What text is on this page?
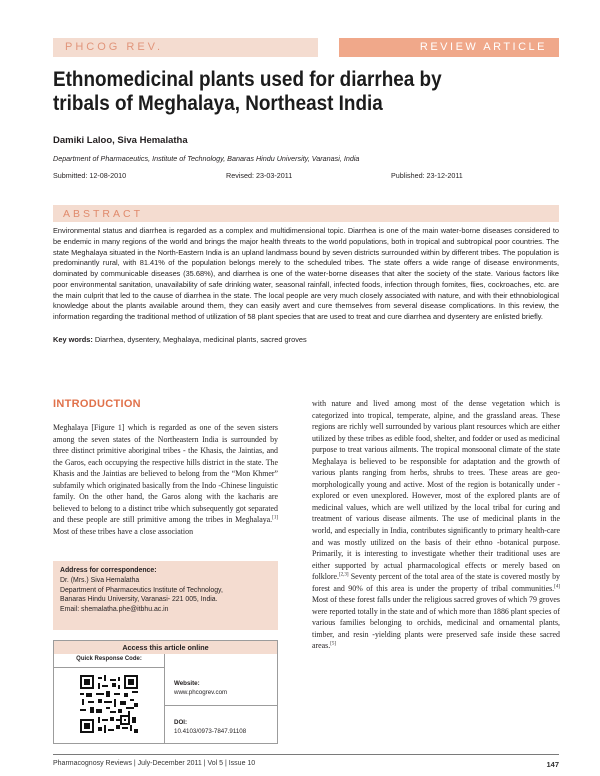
PHCOG REV.	REVIEW ARTICLE
Ethnomedicinal plants used for diarrhea by tribals of Meghalaya, Northeast India
Damiki Laloo, Siva Hemalatha
Department of Pharmaceutics, Institute of Technology, Banaras Hindu University, Varanasi, India
Submitted: 12-08-2010	Revised: 23-03-2011	Published: 23-12-2011
ABSTRACT
Environmental status and diarrhea is regarded as a complex and multidimensional topic. Diarrhea is one of the main water-borne diseases considered to be endemic in many regions of the world and brings the major health threats to the world populations, both in tropical and subtropical poor countries. The state Meghalaya situated in the North-Eastern India is an upland landmass bound by seven districts surrounded within by different tribes. The population is predominantly rural, with 81.41% of the population belongs merely to the scheduled tribes. The state offers a wide range of disease environments, dominated by communicable diseases (35.68%), and diarrhea is one of the water-borne diseases that alter the society of the state. Various factors like poor environmental sanitation, unavailability of safe drinking water, seasonal rainfall, infected foods, infection through fomites, flies, cockroaches, etc. are the main culprit that led to the cause of diarrhea in the state. The local people are very much closely associated with nature, and with their ethnobiological knowledge about the plants available around them, they can easily avert and cure themselves from several disease complications. In this review, the information regarding the traditional method of utilization of 58 plant species that are used to treat and cure diarrhea and dysentery are enlisted briefly.
Key words: Diarrhea, dysentery, Meghalaya, medicinal plants, sacred groves
INTRODUCTION
Meghalaya [Figure 1] which is regarded as one of the seven sisters among the seven states of the Northeastern India is surrounded by three distinct primitive aboriginal tribes - the Khasis, the Jaintias, and the Garos, each occupying the respective hills district in the state. The Khasis and the Jaintias are believed to belong from the “Mon Khmer” subfamily which originated basically from the Indo -Chinese linguistic family. On the other hand, the Garos along with the kacharis are believed to belong to a distinct tribe which subsequently got separated and these people are still primitive among the tribes in Meghalaya.[1] Most of these tribes have a close association
with nature and lived among most of the dense vegetation which is categorized into tropical, temperate, alpine, and the grassland areas. These regions are richly well surrounded by various plant resources which are either utilized by these tribes as edible food, shelter, and fodder or used as medicinal purpose to treat various ailments. The tropical monsoonal climate of the state Meghalaya is believed to be responsible for adaptation and the growth of various plants ranging from herbs, shrubs to trees. These areas are geo-morphologically young and active. Most of the region is botanically under -explored or even unexplored. However, most of the explored plants are of medicinal values, which are well utilized by the local tribal for curing and treatment of various disease ailments. The use of medicinal plants in the world, and especially in India, contributes significantly to primary health-care and was mostly utilized on the basis of their ethno -botanical purpose. Primarily, it is interesting to investigate whether their traditional uses are either supported by actual pharmacological effects or merely based on folklore.[2,3] Seventy percent of the total area of the state is covered mostly by forest and 90% of this area is under the property of tribal communities.[4] Most of these forest falls under the religious sacred groves of which 79 groves were reported totally in the state and of which more than 1886 plant species of various families belonging to orchids, medicinal and ornamental plants, timber, and resin -yielding plants were preserved safe inside these sacred areas.[5]
Address for correspondence:
Dr. (Mrs.) Siva Hemalatha
Department of Pharmaceutics Institute of Technology,
Banaras Hindu University, Varanasi- 221 005, India.
Email: shemalatha.phe@itbhu.ac.in
Access this article online
Quick Response Code:
Website:
www.phcogrev.com
DOI:
10.4103/0973-7847.91108
Pharmacognosy Reviews | July-December 2011 | Vol 5 | Issue 10	147
